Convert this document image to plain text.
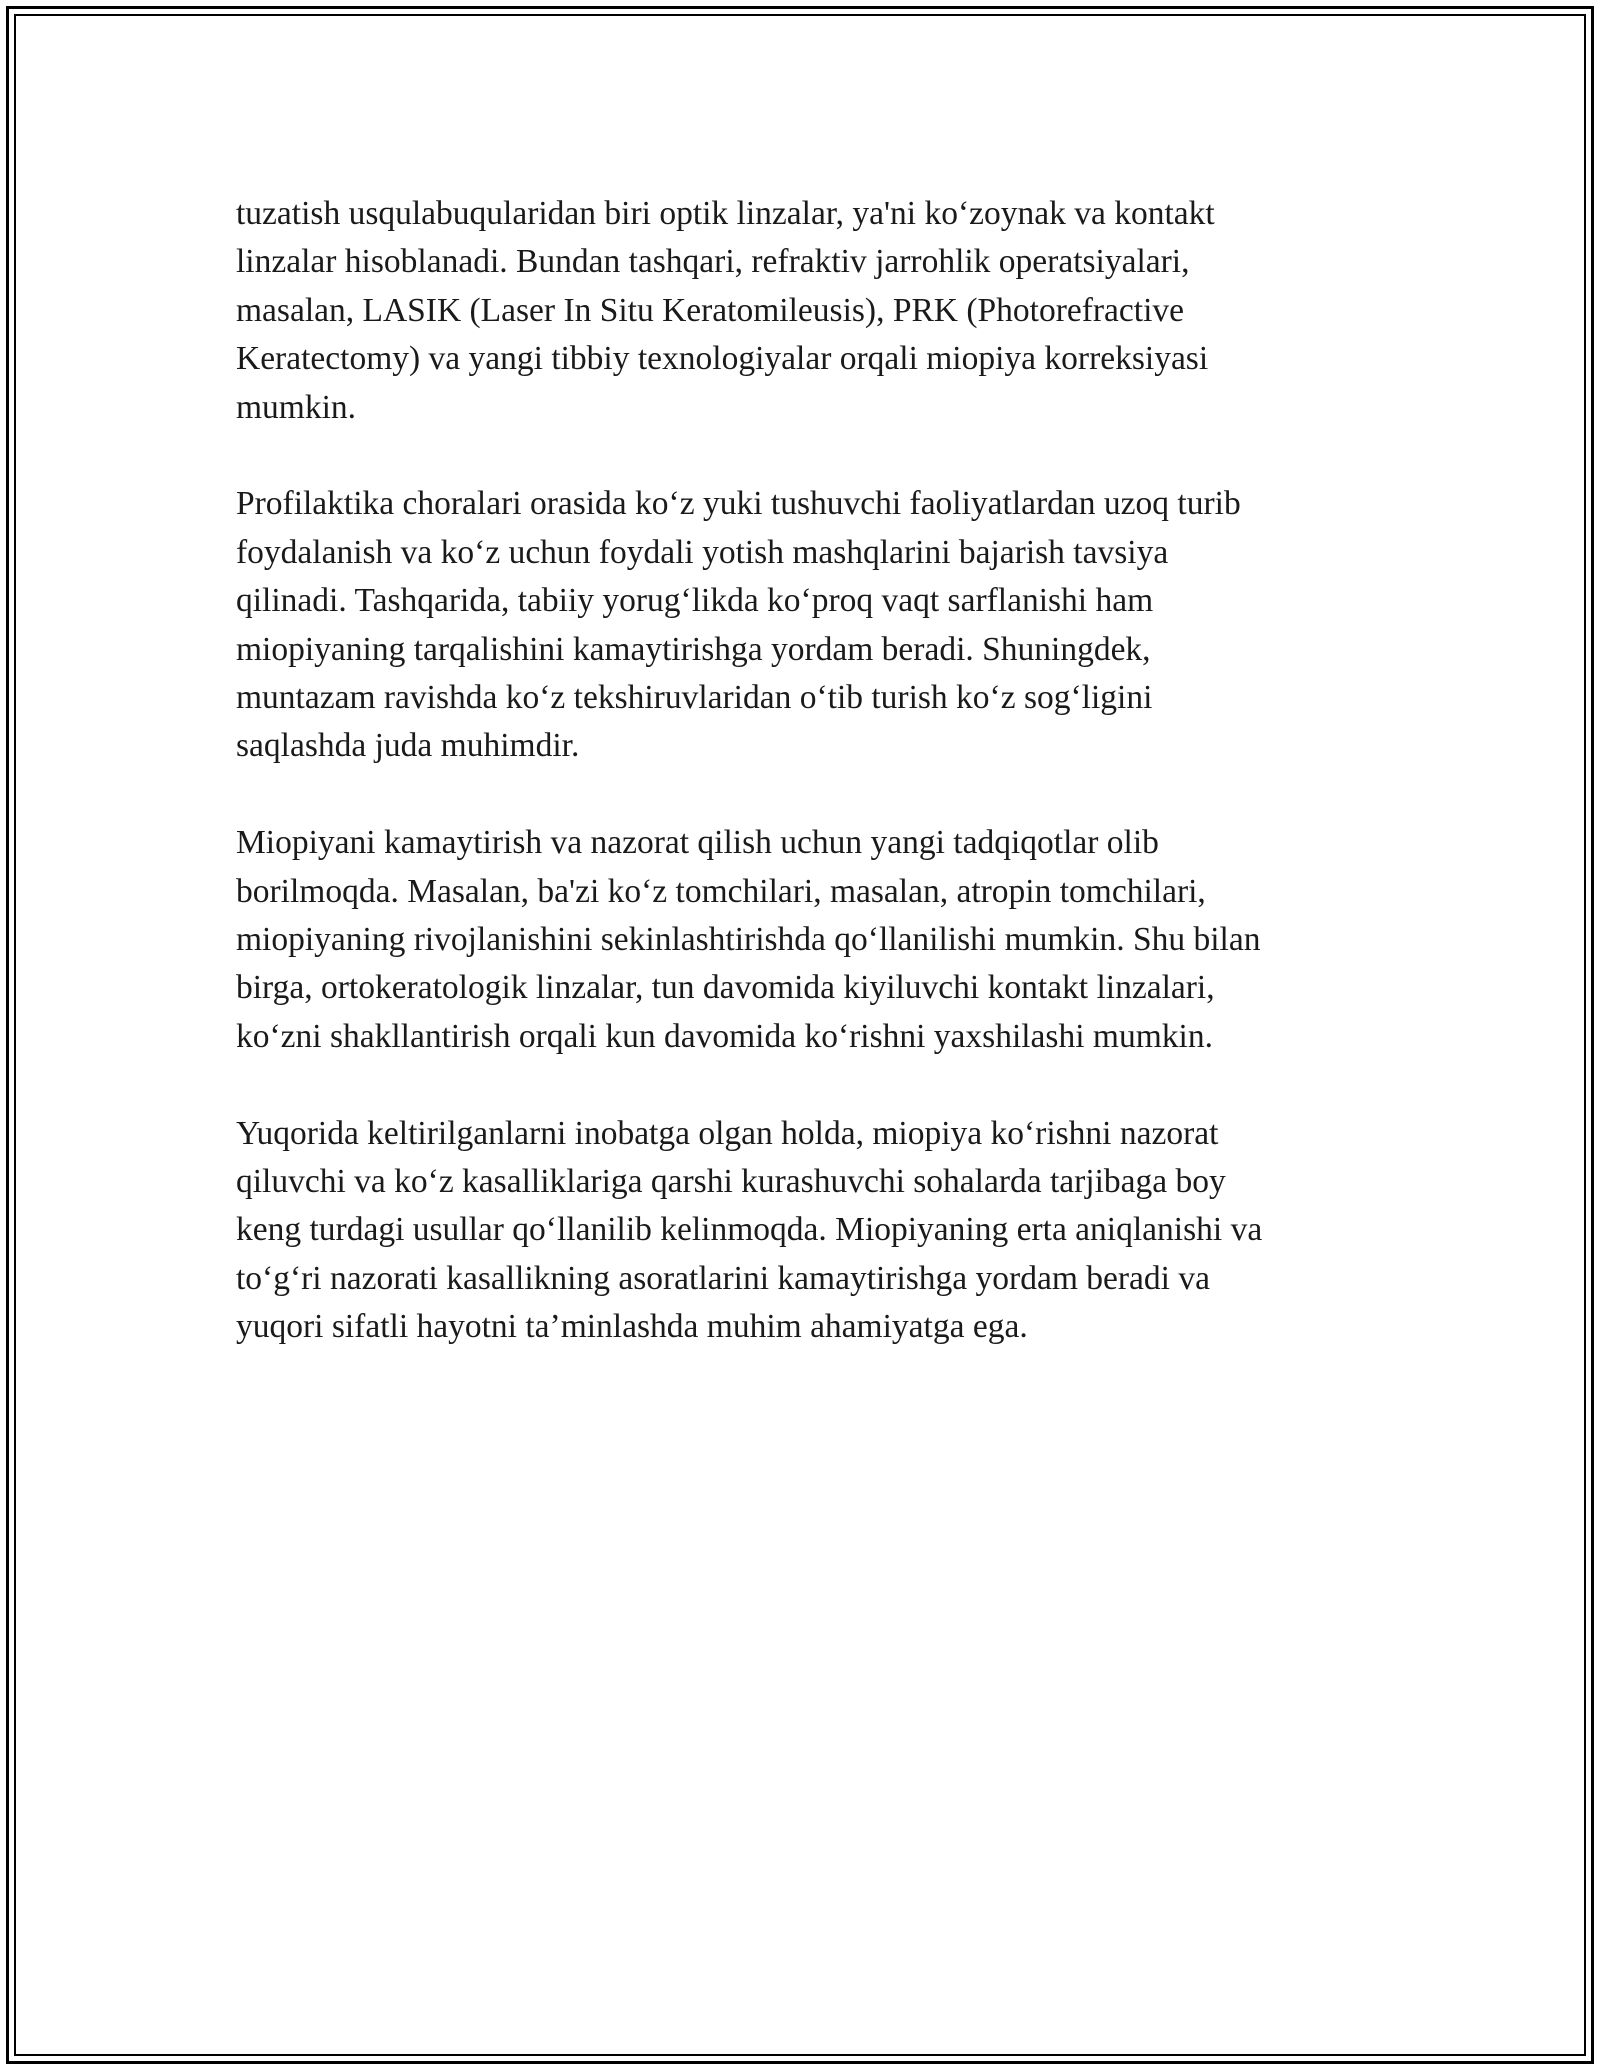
tuzatish usqulabuqularidan biri optik linzalar, ya'ni ko‘zoynak va kontakt
linzalar hisoblanadi. Bundan tashqari, refraktiv jarrohlik operatsiyalari,
masalan, LASIK (Laser In Situ Keratomileusis), PRK (Photorefractive
Keratectomy) va yangi tibbiy texnologiyalar orqali miopiya korreksiyasi
mumkin.

Profilaktika choralari orasida ko‘z yuki tushuvchi faoliyatlardan uzoq turib
foydalanish va ko‘z uchun foydali yotish mashqlarini bajarish tavsiya
qilinadi. Tashqarida, tabiiy yorug‘likda ko‘proq vaqt sarflanishi ham
miopiyaning tarqalishini kamaytirishga yordam beradi. Shuningdek,
muntazam ravishda ko‘z tekshiruvlaridan o‘tib turish ko‘z sog‘ligini
saqlashda juda muhimdir.

Miopiyani kamaytirish va nazorat qilish uchun yangi tadqiqotlar olib
borilmoqda. Masalan, ba'zi ko‘z tomchilari, masalan, atropin tomchilari,
miopiyaning rivojlanishini sekinlashtirishda qo‘llanilishi mumkin. Shu bilan
birga, ortokeratologik linzalar, tun davomida kiyiluvchi kontakt linzalari,
ko‘zni shakllantirish orqali kun davomida ko‘rishni yaxshilashi mumkin.

Yuqorida keltirilganlarni inobatga olgan holda, miopiya ko‘rishni nazorat
qiluvchi va ko‘z kasalliklariga qarshi kurashuvchi sohalarda tarjibaga boy
keng turdagi usullar qo‘llanilib kelinmoqda. Miopiyaning erta aniqlanishi va
to‘g‘ri nazorati kasallikning asoratlarini kamaytirishga yordam beradi va
yuqori sifatli hayotni ta’minlashda muhim ahamiyatga ega.
